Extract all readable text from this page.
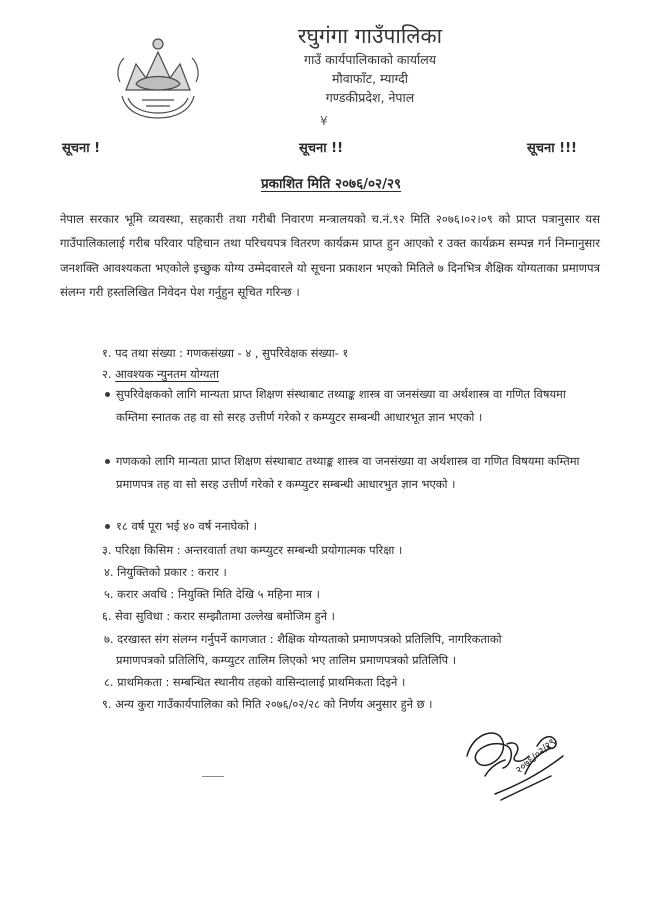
रघुगंगा गाउँपालिका
गाउँ कार्यपालिकाको कार्यालय
मौवाफाँट, म्याग्दी
गण्डकीप्रदेश, नेपाल
¥
सूचना !	सूचना !!	सूचना !!!
प्रकाशित मिति २०७६/०२/२९
नेपाल सरकार भूमि व्यवस्था, सहकारी तथा गरीबी निवारण मन्त्रालयको च.नं.९२ मिति २०७६।०२।०९ को प्राप्त पत्रानुसार यस गाउँपालिकालाई गरीब परिवार पहिचान तथा परिचयपत्र वितरण कार्यक्रम प्राप्त हुन आएको र उक्त कार्यक्रम सम्पन्न गर्न निम्नानुसार जनशक्ति आवश्यकता भएकोले इच्छुक योग्य उम्मेदवारले यो सूचना प्रकाशन भएको मितिले ७ दिनभित्र शैक्षिक योग्यताका प्रमाणपत्र संलग्न गरी हस्तलिखित निवेदन पेश गर्नुहुन सूचित गरिन्छ ।
१. पद तथा संख्या : गणकसंख्या - ४ , सुपरिवेक्षक संख्या- १
२. आवश्यक न्युनतम योग्यता
सुपरिवेक्षकको लागि मान्यता प्राप्त शिक्षण संस्थाबाट तथ्याङ्क शास्त्र वा जनसंख्या वा अर्थशास्त्र वा गणित विषयमा कम्तिमा स्नातक तह वा सो सरह उत्तीर्ण गरेको र कम्प्युटर सम्बन्धी आधारभूत ज्ञान भएको ।
गणकको लागि मान्यता प्राप्त शिक्षण संस्थाबाट तथ्याङ्क शास्त्र वा जनसंख्या वा अर्थशास्त्र वा गणित विषयमा कम्तिमा प्रमाणपत्र तह वा सो सरह उत्तीर्ण गरेको र कम्प्युटर सम्बन्धी आधारभुत ज्ञान भएको ।
१८ वर्ष पूरा भई ४० वर्ष ननाघेको ।
३. परिक्षा किसिम : अन्तरवार्ता तथा कम्प्युटर सम्बन्धी प्रयोगात्मक परिक्षा ।
४. नियुक्तिको प्रकार : करार ।
५. करार अवधि : नियुक्ति मिति देखि ५ महिना मात्र ।
६. सेवा सुविधा : करार सम्झौतामा उल्लेख बमोजिम हुने ।
७. दरखास्त संग संलग्न गर्नुपर्ने कागजात : शैक्षिक योग्यताको प्रमाणपत्रको प्रतिलिपि, नागरिकताको
प्रमाणपत्रको प्रतिलिपि, कम्प्युटर तालिम लिएको भए तालिम प्रमाणपत्रको प्रतिलिपि ।
८. प्राथमिकता : सम्बन्धित स्थानीय तहको वासिन्दालाई प्राथमिकता दिइने ।
९. अन्य कुरा गाउँकार्यपालिका को मिति २०७६/०२/२८ को निर्णय अनुसार हुने छ ।
२०७६/०२/२९
